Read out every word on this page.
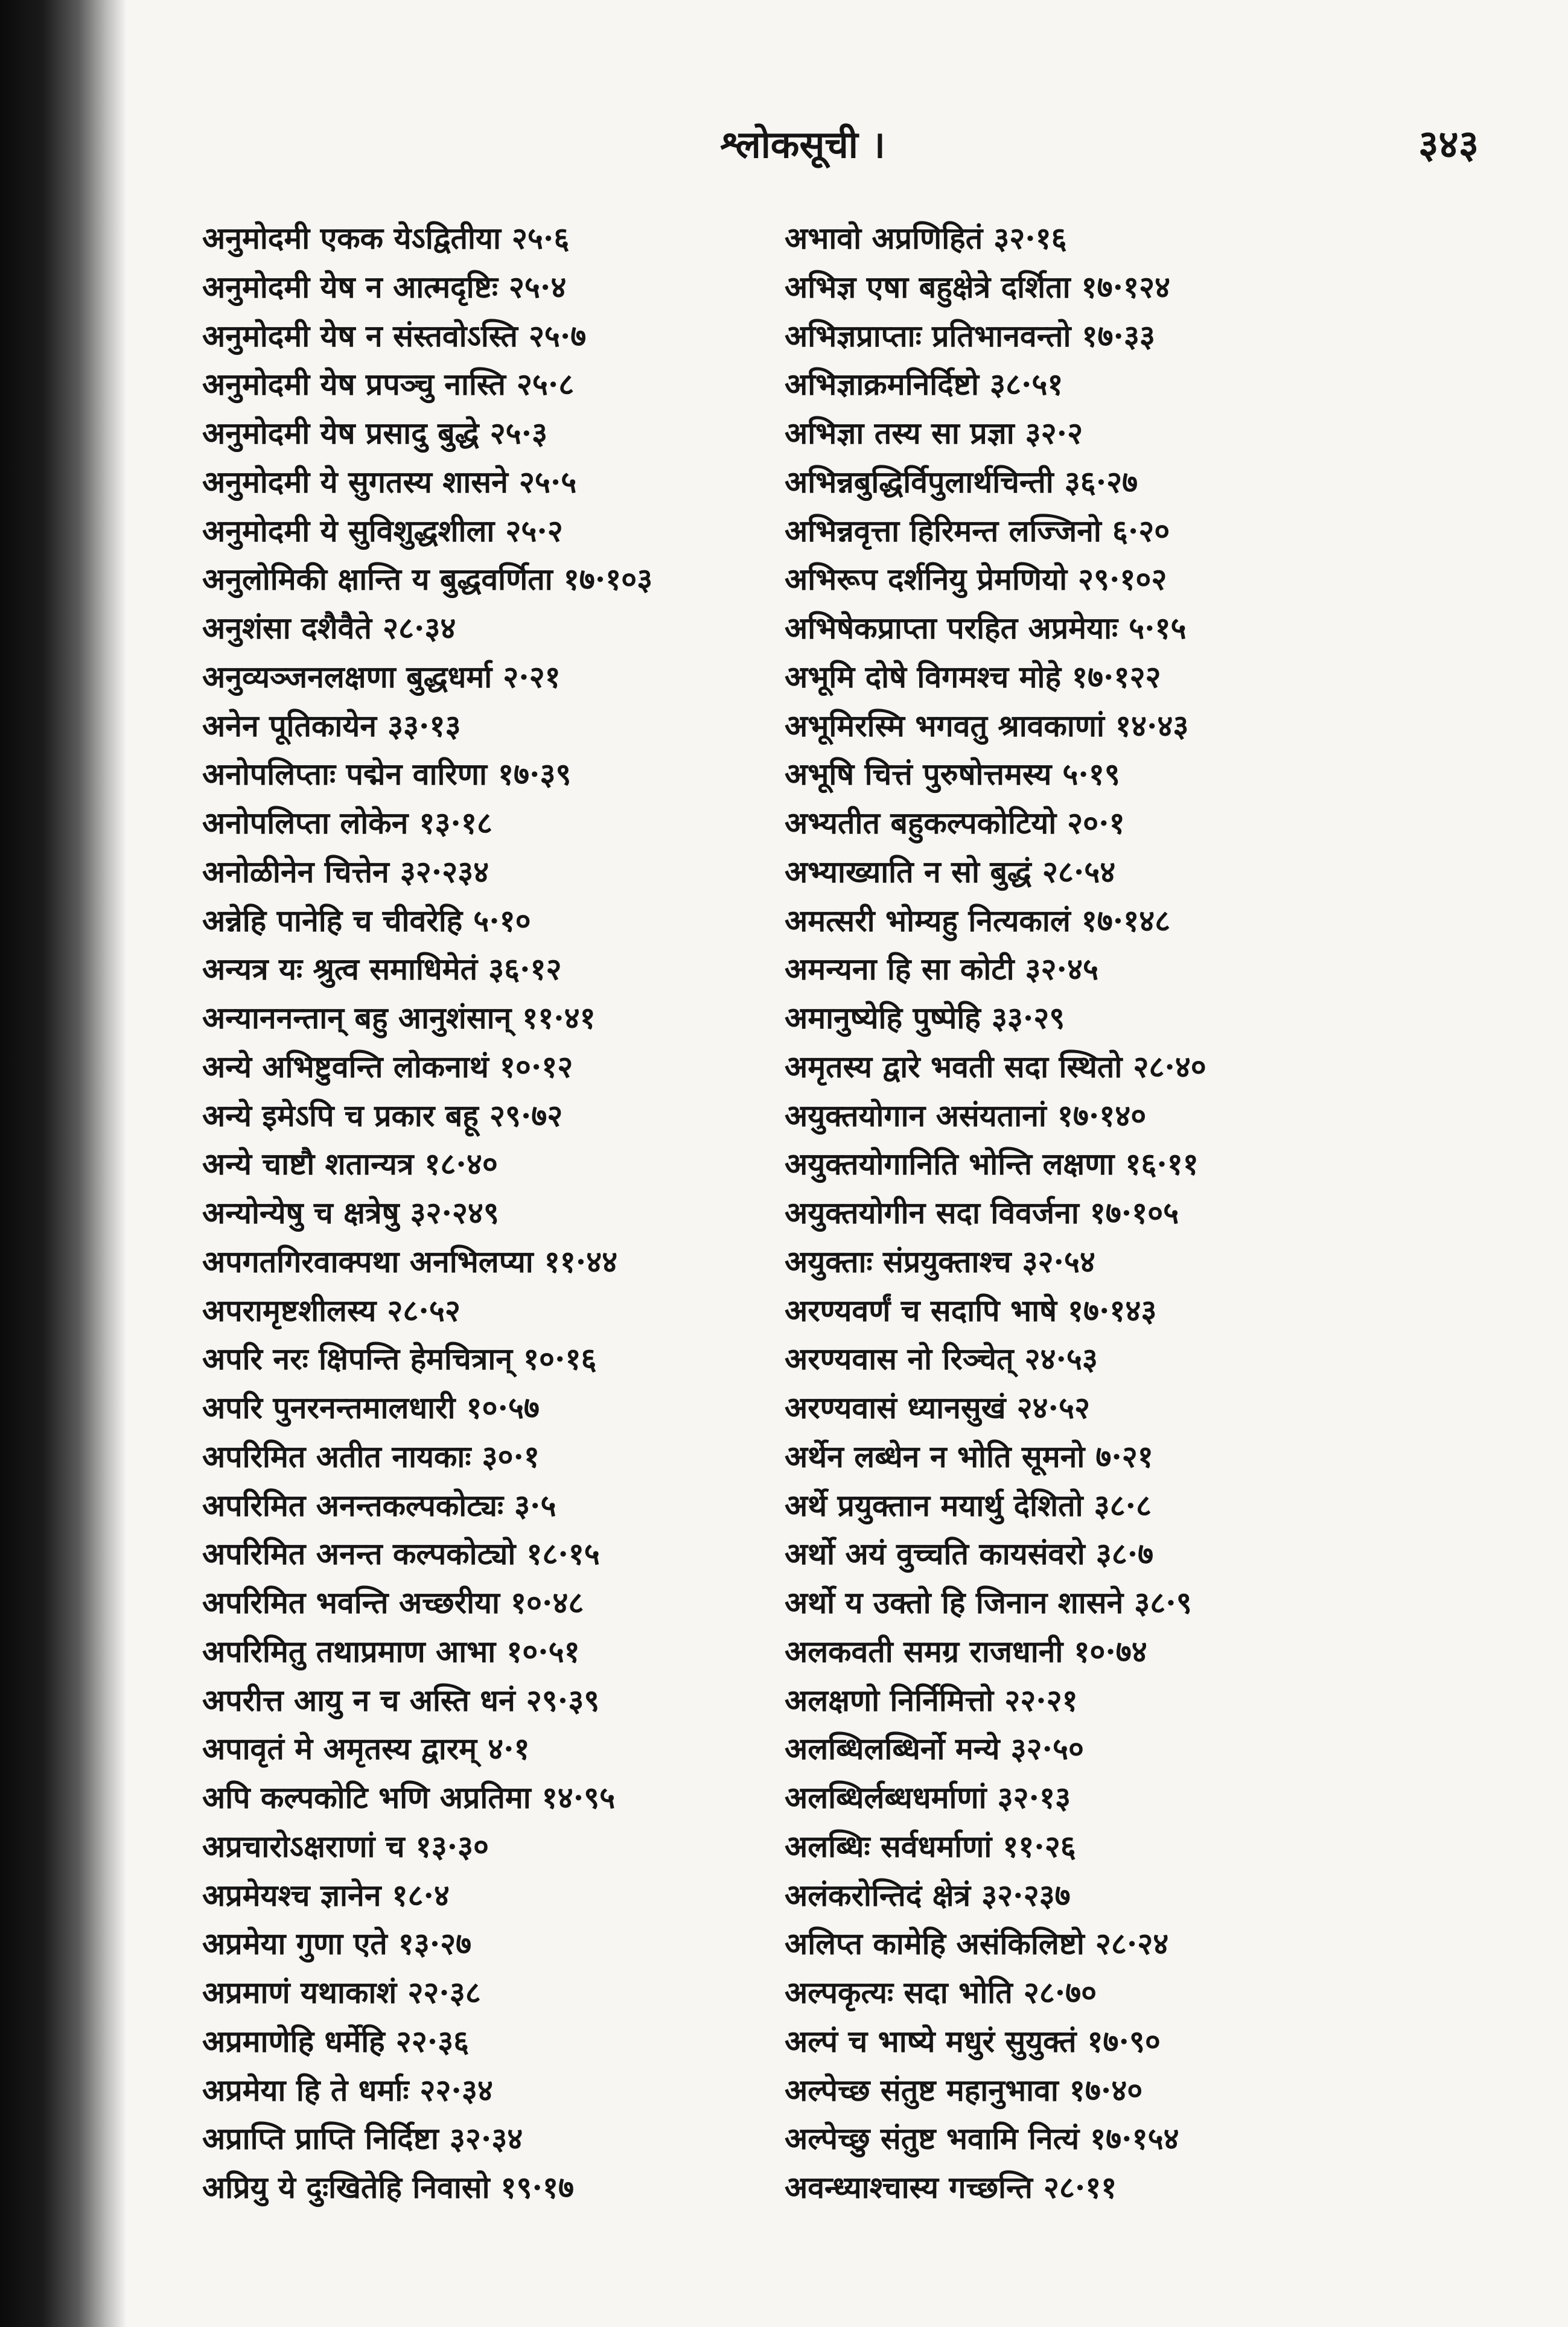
श्लोकसूची ।	३४३
अनुमोदमी एकक येऽद्वितीया २५·६
अनुमोदमी येष न आत्मदृष्टिः २५·४
अनुमोदमी येष न संस्तवोऽस्ति २५·७
अनुमोदमी येष प्रपञ्चु नास्ति २५·८
अनुमोदमी येष प्रसादु बुद्धे २५·३
अनुमोदमी ये सुगतस्य शासने २५·५
अनुमोदमी ये सुविशुद्धशीला २५·२
अनुलोमिकी क्षान्ति य बुद्धवर्णिता १७·१०३
अनुशंसा दशैवैते २८·३४
अनुव्यञ्जनलक्षणा बुद्धधर्मा २·२१
अनेन पूतिकायेन ३३·१३
अनोपलिप्ताः पद्मेन वारिणा १७·३९
अनोपलिप्ता लोकेन १३·१८
अनोळीनेन चित्तेन ३२·२३४
अन्नेहि पानेहि च चीवरेहि ५·१०
अन्यत्र यः श्रुत्व समाधिमेतं ३६·१२
अन्याननन्तान् बहु आनुशंसान् ११·४१
अन्ये अभिष्टुवन्ति लोकनाथं १०·१२
अन्ये इमेऽपि च प्रकार बहू २९·७२
अन्ये चाष्टौ शतान्यत्र १८·४०
अन्योन्येषु च क्षत्रेषु ३२·२४९
अपगतगिरवाक्पथा अनभिलप्या ११·४४
अपरामृष्टशीलस्य २८·५२
अपरि नरः क्षिपन्ति हेमचित्रान् १०·१६
अपरि पुनरनन्तमालधारी १०·५७
अपरिमित अतीत नायकाः ३०·१
अपरिमित अनन्तकल्पकोट्यः ३·५
अपरिमित अनन्त कल्पकोट्यो १८·१५
अपरिमित भवन्ति अच्छरीया १०·४८
अपरिमितु तथाप्रमाण आभा १०·५१
अपरीत्त आयु न च अस्ति धनं २९·३९
अपावृतं मे अमृतस्य द्वारम् ४·१
अपि कल्पकोटि भणि अप्रतिमा १४·९५
अप्रचारोऽक्षराणां च १३·३०
अप्रमेयश्च ज्ञानेन १८·४
अप्रमेया गुणा एते १३·२७
अप्रमाणं यथाकाशं २२·३८
अप्रमाणेहि धर्मेहि २२·३६
अप्रमेया हि ते धर्माः २२·३४
अप्राप्ति प्राप्ति निर्दिष्टा ३२·३४
अप्रियु ये दुःखितेहि निवासो १९·१७
अभावो अप्रणिहितं ३२·१६
अभिज्ञ एषा बहुक्षेत्रे दर्शिता १७·१२४
अभिज्ञप्राप्ताः प्रतिभानवन्तो १७·३३
अभिज्ञाक्रमनिर्दिष्टो ३८·५१
अभिज्ञा तस्य सा प्रज्ञा ३२·२
अभिन्नबुद्धिर्विपुलार्थचिन्ती ३६·२७
अभिन्नवृत्ता हिरिमन्त लज्जिनो ६·२०
अभिरूप दर्शनियु प्रेमणियो २९·१०२
अभिषेकप्राप्ता परहित अप्रमेयाः ५·१५
अभूमि दोषे विगमश्च मोहे १७·१२२
अभूमिरस्मि भगवतु श्रावकाणां १४·४३
अभूषि चित्तं पुरुषोत्तमस्य ५·१९
अभ्यतीत बहुकल्पकोटियो २०·१
अभ्याख्याति न सो बुद्धं २८·५४
अमत्सरी भोम्यहु नित्यकालं १७·१४८
अमन्यना हि सा कोटी ३२·४५
अमानुष्येहि पुष्पेहि ३३·२९
अमृतस्य द्वारे भवती सदा स्थितो २८·४०
अयुक्तयोगान असंयतानां १७·१४०
अयुक्तयोगानिति भोन्ति लक्षणा १६·११
अयुक्तयोगीन सदा विवर्जना १७·१०५
अयुक्ताः संप्रयुक्ताश्च ३२·५४
अरण्यवर्णं च सदापि भाषे १७·१४३
अरण्यवास नो रिञ्चेत् २४·५३
अरण्यवासं ध्यानसुखं २४·५२
अर्थेन लब्धेन न भोति सूमनो ७·२१
अर्थे प्रयुक्तान मयार्थु देशितो ३८·८
अर्थो अयं वुच्चति कायसंवरो ३८·७
अर्थो य उक्तो हि जिनान शासने ३८·९
अलकवती समग्र राजधानी १०·७४
अलक्षणो निर्निमित्तो २२·२१
अलब्धिलब्धिर्नो मन्ये ३२·५०
अलब्धिर्लब्धधर्माणां ३२·१३
अलब्धिः सर्वधर्माणां ११·२६
अलंकरोन्तिदं क्षेत्रं ३२·२३७
अलिप्त कामेहि असंकिलिष्टो २८·२४
अल्पकृत्यः सदा भोति २८·७०
अल्पं च भाष्ये मधुरं सुयुक्तं १७·९०
अल्पेच्छ संतुष्ट महानुभावा १७·४०
अल्पेच्छु संतुष्ट भवामि नित्यं १७·१५४
अवन्ध्याश्चास्य गच्छन्ति २८·११
